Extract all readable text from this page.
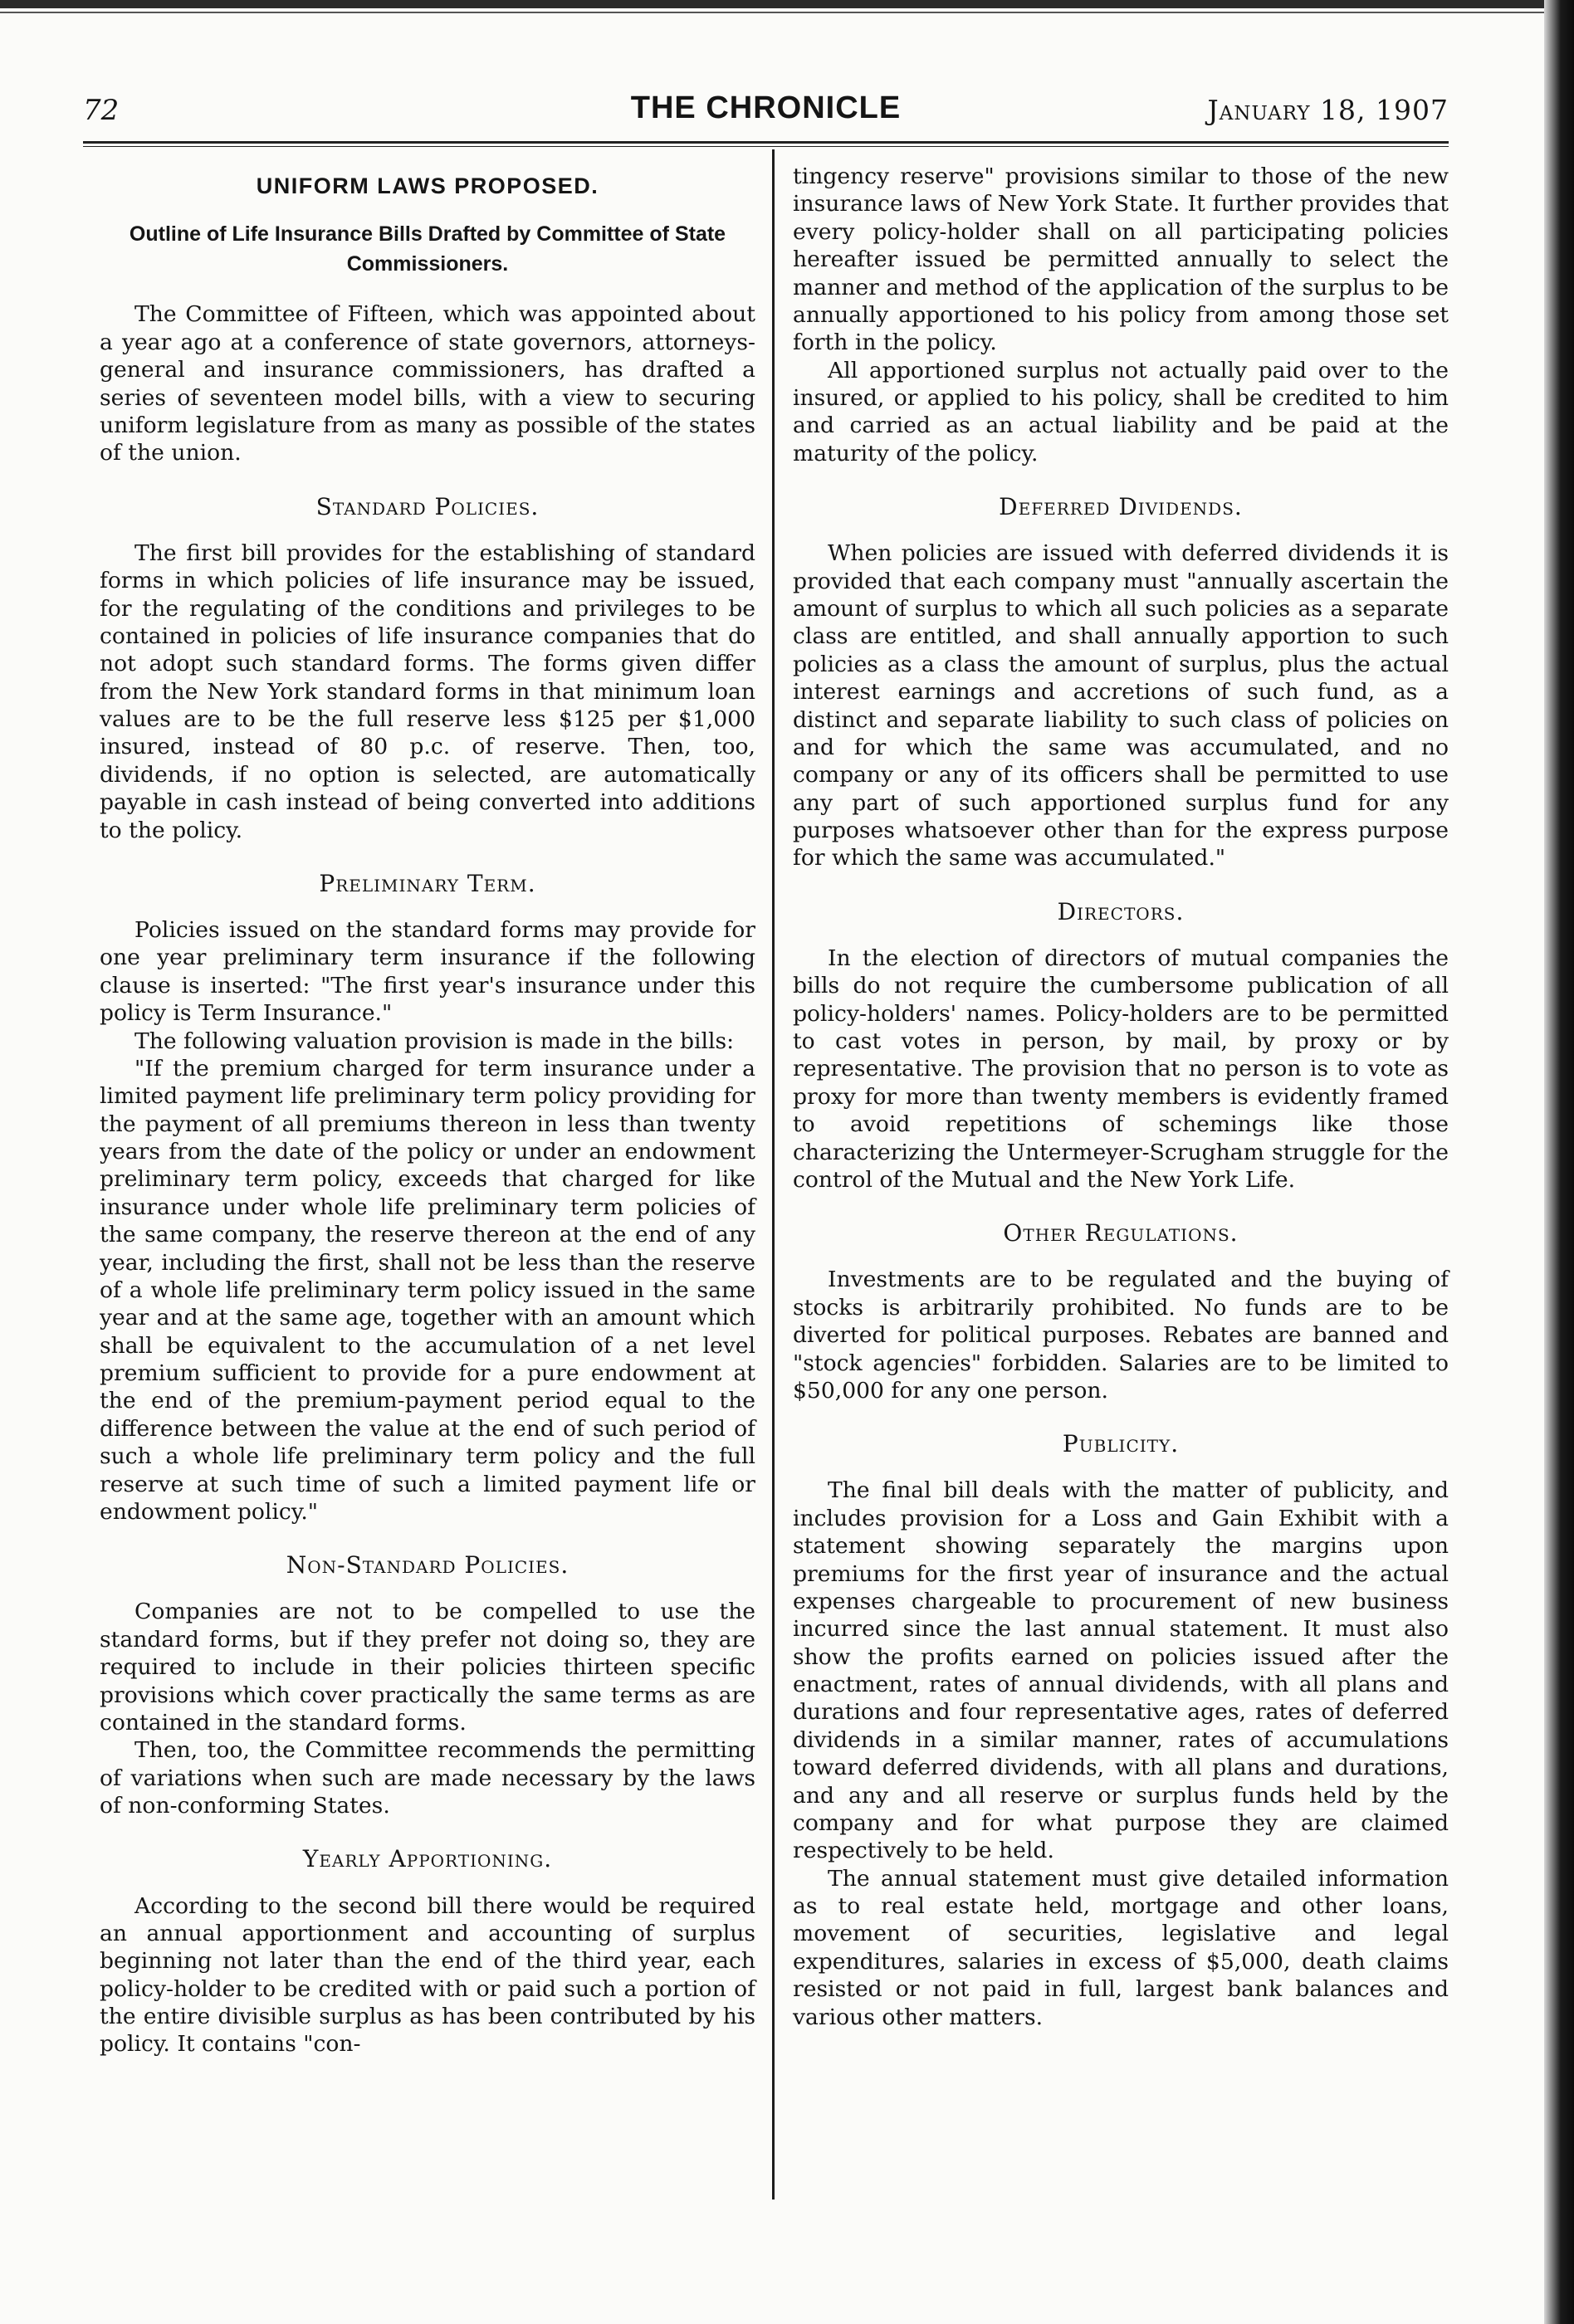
72	THE CHRONICLE	January 18, 1907
UNIFORM LAWS PROPOSED.
Outline of Life Insurance Bills Drafted by Committee of State Commissioners.

The Committee of Fifteen, which was appointed about a year ago at a conference of state governors, attorneys-general and insurance commissioners, has drafted a series of seventeen model bills, with a view to securing uniform legislature from as many as possible of the states of the union.

Standard Policies.

The first bill provides for the establishing of standard forms in which policies of life insurance may be issued, for the regulating of the conditions and privileges to be contained in policies of life insurance companies that do not adopt such standard forms. The forms given differ from the New York standard forms in that minimum loan values are to be the full reserve less $125 per $1,000 insured, instead of 80 p.c. of reserve. Then, too, dividends, if no option is selected, are automatically payable in cash instead of being converted into additions to the policy.

Preliminary Term.

Policies issued on the standard forms may provide for one year preliminary term insurance if the following clause is inserted: "The first year's insurance under this policy is Term Insurance."

The following valuation provision is made in the bills:

"If the premium charged for term insurance under a limited payment life preliminary term policy providing for the payment of all premiums thereon in less than twenty years from the date of the policy or under an endowment preliminary term policy, exceeds that charged for like insurance under whole life preliminary term policies of the same company, the reserve thereon at the end of any year, including the first, shall not be less than the reserve of a whole life preliminary term policy issued in the same year and at the same age, together with an amount which shall be equivalent to the accumulation of a net level premium sufficient to provide for a pure endowment at the end of the premium-payment period equal to the difference between the value at the end of such period of such a whole life preliminary term policy and the full reserve at such time of such a limited payment life or endowment policy."

Non-Standard Policies.

Companies are not to be compelled to use the standard forms, but if they prefer not doing so, they are required to include in their policies thirteen specific provisions which cover practically the same terms as are contained in the standard forms.

Then, too, the Committee recommends the permitting of variations when such are made necessary by the laws of non-conforming States.

Yearly Apportioning.

According to the second bill there would be required an annual apportionment and accounting of surplus beginning not later than the end of the third year, each policy-holder to be credited with or paid such a portion of the entire divisible surplus as has been contributed by his policy. It contains "con-

tingency reserve" provisions similar to those of the new insurance laws of New York State. It further provides that every policy-holder shall on all participating policies hereafter issued be permitted annually to select the manner and method of the application of the surplus to be annually apportioned to his policy from among those set forth in the policy.

All apportioned surplus not actually paid over to the insured, or applied to his policy, shall be credited to him and carried as an actual liability and be paid at the maturity of the policy.

Deferred Dividends.

When policies are issued with deferred dividends it is provided that each company must "annually ascertain the amount of surplus to which all such policies as a separate class are entitled, and shall annually apportion to such policies as a class the amount of surplus, plus the actual interest earnings and accretions of such fund, as a distinct and separate liability to such class of policies on and for which the same was accumulated, and no company or any of its officers shall be permitted to use any part of such apportioned surplus fund for any purposes whatsoever other than for the express purpose for which the same was accumulated."

Directors.

In the election of directors of mutual companies the bills do not require the cumbersome publication of all policy-holders' names. Policy-holders are to be permitted to cast votes in person, by mail, by proxy or by representative. The provision that no person is to vote as proxy for more than twenty members is evidently framed to avoid repetitions of schemings like those characterizing the Untermeyer-Scrugham struggle for the control of the Mutual and the New York Life.

Other Regulations.

Investments are to be regulated and the buying of stocks is arbitrarily prohibited. No funds are to be diverted for political purposes. Rebates are banned and "stock agencies" forbidden. Salaries are to be limited to $50,000 for any one person.

Publicity.

The final bill deals with the matter of publicity, and includes provision for a Loss and Gain Exhibit with a statement showing separately the margins upon premiums for the first year of insurance and the actual expenses chargeable to procurement of new business incurred since the last annual statement. It must also show the profits earned on policies issued after the enactment, rates of annual dividends, with all plans and durations and four representative ages, rates of deferred dividends in a similar manner, rates of accumulations toward deferred dividends, with all plans and durations, and any and all reserve or surplus funds held by the company and for what purpose they are claimed respectively to be held.

The annual statement must give detailed information as to real estate held, mortgage and other loans, movement of securities, legislative and legal expenditures, salaries in excess of $5,000, death claims resisted or not paid in full, largest bank balances and various other matters.
